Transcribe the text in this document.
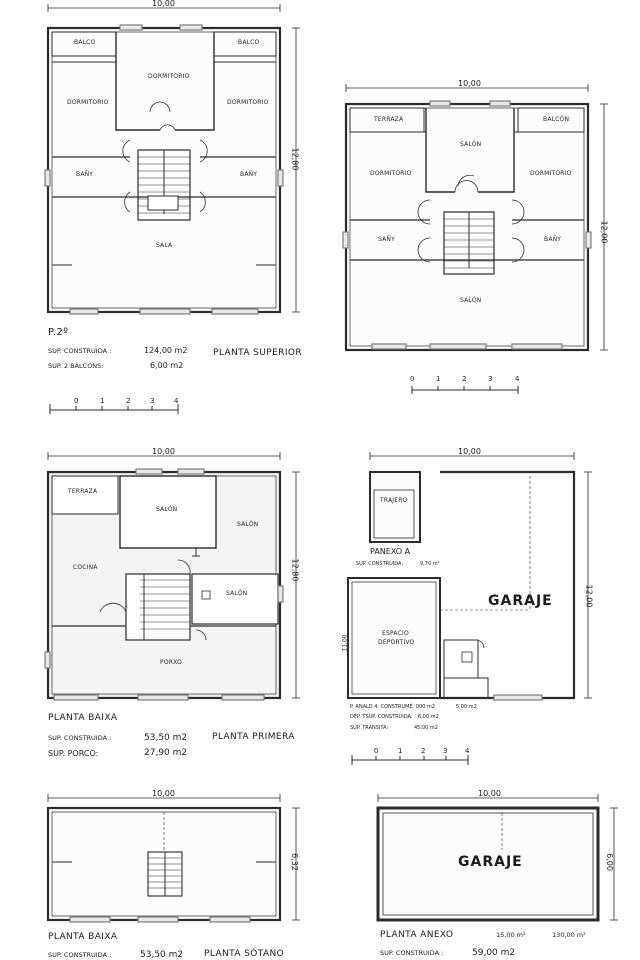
10,00
12,80
BALCO	BALCO
DORMITORIO
DORMITORIO	DORMITORIO
BAÑY	BAÑY
SALA
P.2º
SUP. CONSTRUIDA :	124,00 m2
SUP. 2 BALCONS:	6,00 m2
PLANTA SUPERIOR
0	1	2	3	4
10,00
12,00
TERRAZA
SALÓN
BALCÓN
DORMITORIO	DORMITORIO
SAÑY	BAÑY
SALÓN
0	1	2	3	4
10,00
12,80
TERRAZA
SALÓN
SALÓN
COCINA
SALÓN
PORXO
PLANTA BAIXA
SUP. CONSTRUIDA :	53,50 m2
SUP. PORCO:	27,90 m2
PLANTA PRIMERA
10,00
12,00
11,00
TRAJERO
PANEXO A
SUP. CONSTRUIDA:	9,70 m²
GARAJE
ESPACIO
DEPORTIVO
P. ANALD 4. CONSTRUMÉ. 000 m2	5,00 m2
DEP. TSUP. CONSTRUIDA: 6,00 m2
SUP. TRANSITA:	45,00 m2
0	1	2	3	4
10,00
6,32
PLANTA BAIXA
SUP. CONSTRUIDA :	53,50 m2 PLANTA SÓTANO
10,00
6,00
GARAJE
PLANTA ANEXO	15,00 m²	130,00 m²
SUP. CONSTRUIDA :	59,00 m2
